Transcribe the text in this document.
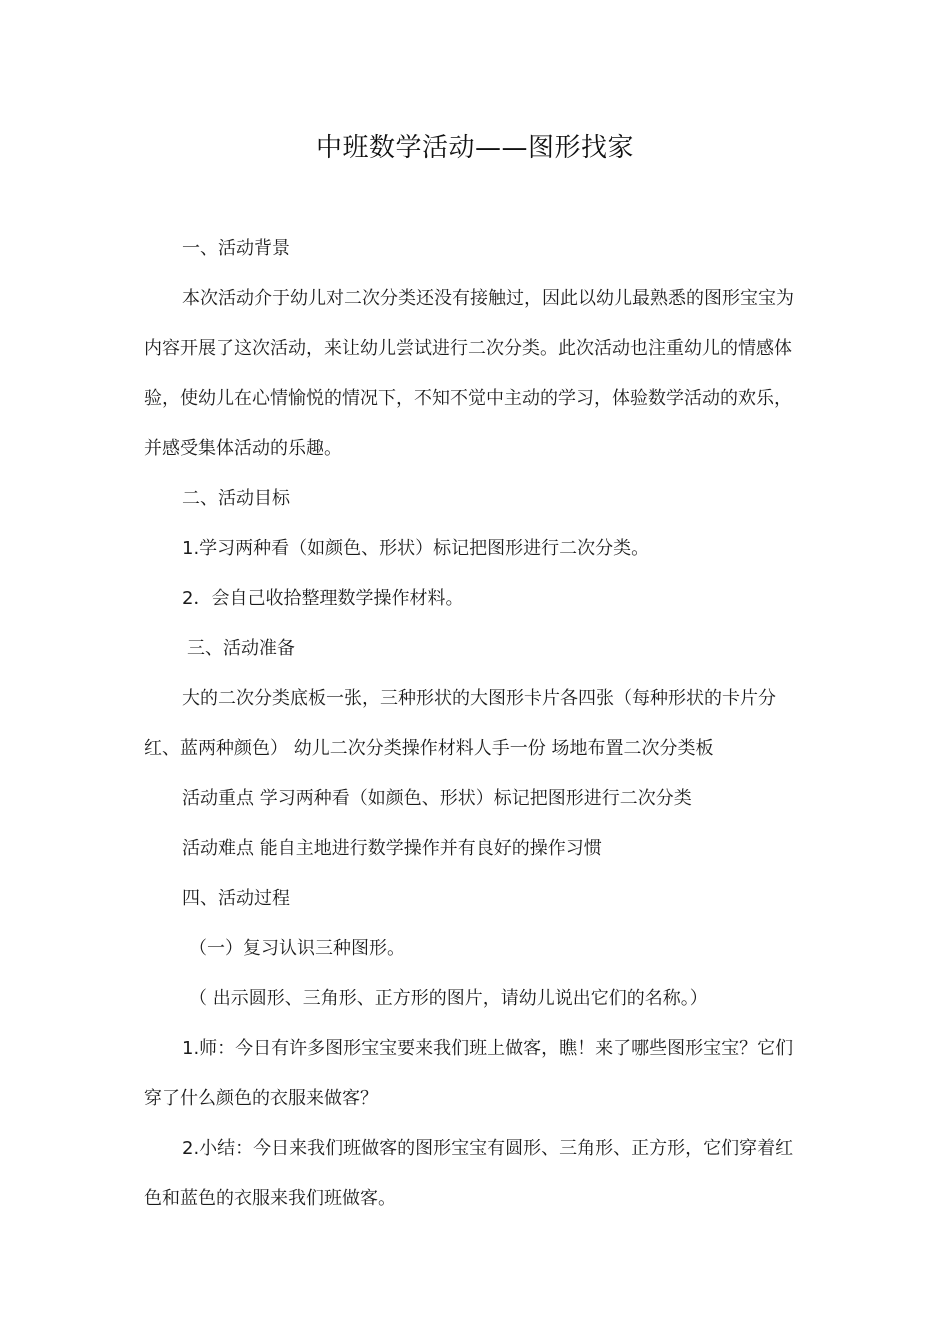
中班数学活动——图形找家

一、活动背景

本次活动介于幼儿对二次分类还没有接触过，因此以幼儿最熟悉的图形宝宝为内容开展了这次活动，来让幼儿尝试进行二次分类。此次活动也注重幼儿的情感体验，使幼儿在心情愉悦的情况下，不知不觉中主动的学习，体验数学活动的欢乐，并感受集体活动的乐趣。

二、活动目标

1.学习两种看（如颜色、形状）标记把图形进行二次分类。

2．会自己收拾整理数学操作材料。

三、活动准备

大的二次分类底板一张，三种形状的大图形卡片各四张（每种形状的卡片分红、蓝两种颜色） 幼儿二次分类操作材料人手一份 场地布置二次分类板

活动重点 学习两种看（如颜色、形状）标记把图形进行二次分类

活动难点 能自主地进行数学操作并有良好的操作习惯

四、活动过程

（一）复习认识三种图形。

（ 出示圆形、三角形、正方形的图片，请幼儿说出它们的名称。）

1.师：今日有许多图形宝宝要来我们班上做客，瞧！来了哪些图形宝宝？它们穿了什么颜色的衣服来做客？

2.小结：今日来我们班做客的图形宝宝有圆形、三角形、正方形，它们穿着红色和蓝色的衣服来我们班做客。
